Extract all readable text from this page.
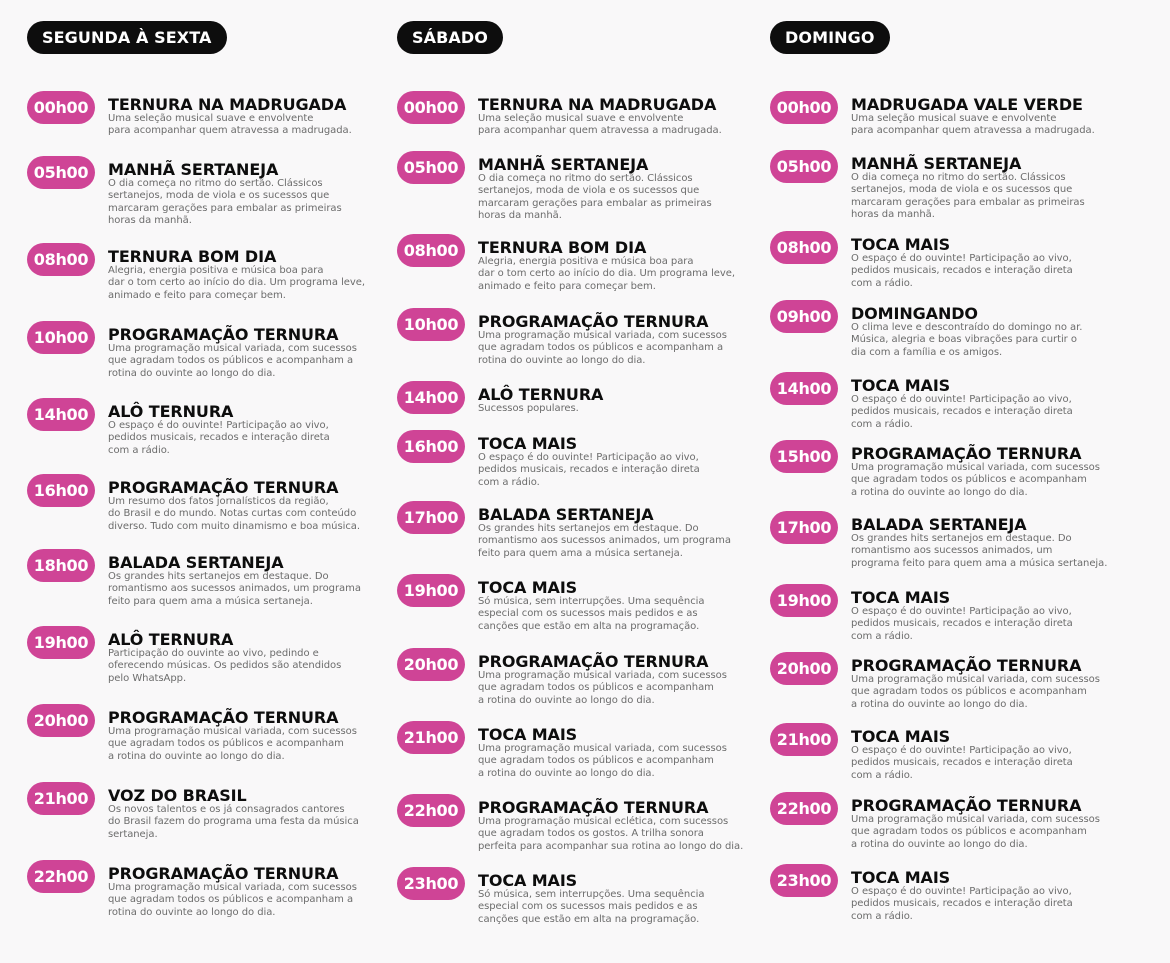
SEGUNDA À SEXTA
00h00	TERNURA NA MADRUGADA
Uma seleção musical suave e envolvente
para acompanhar quem atravessa a madrugada.
05h00	MANHÃ SERTANEJA
O dia começa no ritmo do sertão. Clássicos
sertanejos, moda de viola e os sucessos que
marcaram gerações para embalar as primeiras
horas da manhã.
08h00	TERNURA BOM DIA
Alegria, energia positiva e música boa para
dar o tom certo ao início do dia. Um programa leve,
animado e feito para começar bem.
10h00	PROGRAMAÇÃO TERNURA
Uma programação musical variada, com sucessos
que agradam todos os públicos e acompanham a
rotina do ouvinte ao longo do dia.
14h00	ALÔ TERNURA
O espaço é do ouvinte! Participação ao vivo,
pedidos musicais, recados e interação direta
com a rádio.
16h00	PROGRAMAÇÃO TERNURA
Um resumo dos fatos jornalísticos da região,
do Brasil e do mundo. Notas curtas com conteúdo
diverso. Tudo com muito dinamismo e boa música.
18h00	BALADA SERTANEJA
Os grandes hits sertanejos em destaque. Do
romantismo aos sucessos animados, um programa
feito para quem ama a música sertaneja.
19h00	ALÔ TERNURA
Participação do ouvinte ao vivo, pedindo e
oferecendo músicas. Os pedidos são atendidos
pelo WhatsApp.
20h00	PROGRAMAÇÃO TERNURA
Uma programação musical variada, com sucessos
que agradam todos os públicos e acompanham
a rotina do ouvinte ao longo do dia.
21h00	VOZ DO BRASIL
Os novos talentos e os já consagrados cantores
do Brasil fazem do programa uma festa da música
sertaneja.
22h00	PROGRAMAÇÃO TERNURA
Uma programação musical variada, com sucessos
que agradam todos os públicos e acompanham a
rotina do ouvinte ao longo do dia.
SÁBADO
00h00	TERNURA NA MADRUGADA
Uma seleção musical suave e envolvente
para acompanhar quem atravessa a madrugada.
05h00	MANHÃ SERTANEJA
O dia começa no ritmo do sertão. Clássicos
sertanejos, moda de viola e os sucessos que
marcaram gerações para embalar as primeiras
horas da manhã.
08h00	TERNURA BOM DIA
Alegria, energia positiva e música boa para
dar o tom certo ao início do dia. Um programa leve,
animado e feito para começar bem.
10h00	PROGRAMAÇÃO TERNURA
Uma programação musical variada, com sucessos
que agradam todos os públicos e acompanham a
rotina do ouvinte ao longo do dia.
14h00	ALÔ TERNURA
Sucessos populares.
16h00	TOCA MAIS
O espaço é do ouvinte! Participação ao vivo,
pedidos musicais, recados e interação direta
com a rádio.
17h00	BALADA SERTANEJA
Os grandes hits sertanejos em destaque. Do
romantismo aos sucessos animados, um programa
feito para quem ama a música sertaneja.
19h00	TOCA MAIS
Só música, sem interrupções. Uma sequência
especial com os sucessos mais pedidos e as
canções que estão em alta na programação.
20h00	PROGRAMAÇÃO TERNURA
Uma programação musical variada, com sucessos
que agradam todos os públicos e acompanham
a rotina do ouvinte ao longo do dia.
21h00	TOCA MAIS
Uma programação musical variada, com sucessos
que agradam todos os públicos e acompanham
a rotina do ouvinte ao longo do dia.
22h00	PROGRAMAÇÃO TERNURA
Uma programação musical eclética, com sucessos
que agradam todos os gostos. A trilha sonora
perfeita para acompanhar sua rotina ao longo do dia.
23h00	TOCA MAIS
Só música, sem interrupções. Uma sequência
especial com os sucessos mais pedidos e as
canções que estão em alta na programação.
DOMINGO
00h00	MADRUGADA VALE VERDE
Uma seleção musical suave e envolvente
para acompanhar quem atravessa a madrugada.
05h00	MANHÃ SERTANEJA
O dia começa no ritmo do sertão. Clássicos
sertanejos, moda de viola e os sucessos que
marcaram gerações para embalar as primeiras
horas da manhã.
08h00	TOCA MAIS
O espaço é do ouvinte! Participação ao vivo,
pedidos musicais, recados e interação direta
com a rádio.
09h00	DOMINGANDO
O clima leve e descontraído do domingo no ar.
Música, alegria e boas vibrações para curtir o
dia com a família e os amigos.
14h00	TOCA MAIS
O espaço é do ouvinte! Participação ao vivo,
pedidos musicais, recados e interação direta
com a rádio.
15h00	PROGRAMAÇÃO TERNURA
Uma programação musical variada, com sucessos
que agradam todos os públicos e acompanham
a rotina do ouvinte ao longo do dia.
17h00	BALADA SERTANEJA
Os grandes hits sertanejos em destaque. Do
romantismo aos sucessos animados, um
programa feito para quem ama a música sertaneja.
19h00	TOCA MAIS
O espaço é do ouvinte! Participação ao vivo,
pedidos musicais, recados e interação direta
com a rádio.
20h00	PROGRAMAÇÃO TERNURA
Uma programação musical variada, com sucessos
que agradam todos os públicos e acompanham
a rotina do ouvinte ao longo do dia.
21h00	TOCA MAIS
O espaço é do ouvinte! Participação ao vivo,
pedidos musicais, recados e interação direta
com a rádio.
22h00	PROGRAMAÇÃO TERNURA
Uma programação musical variada, com sucessos
que agradam todos os públicos e acompanham
a rotina do ouvinte ao longo do dia.
23h00	TOCA MAIS
O espaço é do ouvinte! Participação ao vivo,
pedidos musicais, recados e interação direta
com a rádio.
